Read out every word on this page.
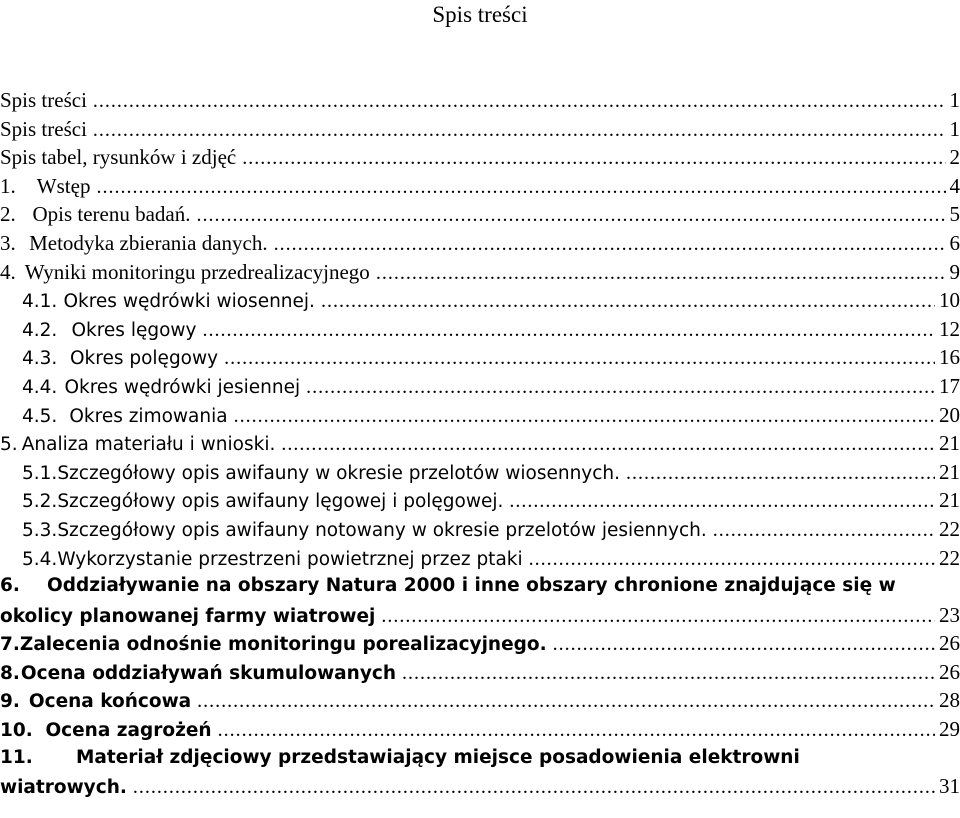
Spis treści
Spis treści .....	1
Spis treści .....	1
Spis tabel, rysunków i zdjęć .....	2
1.	Wstęp .....	4
2. Opis terenu badań. .....	5
3. Metodyka zbierania danych. .....	6
4. Wyniki monitoringu przedrealizacyjnego .....	9
4.1. Okres wędrówki wiosennej. .....	10
4.2. Okres lęgowy .....	12
4.3. Okres polęgowy .....	16
4.4. Okres wędrówki jesiennej .....	17
4.5. Okres zimowania .....	20
5. Analiza materiału i wnioski. .....	21
5.1. Szczegółowy opis awifauny w okresie przelotów wiosennych. .....	21
5.2. Szczegółowy opis awifauny lęgowej i polęgowej. .....	21
5.3. Szczegółowy opis awifauny notowany w okresie przelotów jesiennych. .....	22
5.4. Wykorzystanie przestrzeni powietrznej przez ptaki .....	22
6. Oddziaływanie na obszary Natura 2000 i inne obszary chronione znajdujące się w
okolicy planowanej farmy wiatrowej .....	23
7. Zalecenia odnośnie monitoringu porealizacyjnego. .....	26
8. Ocena oddziaływań skumulowanych .....	26
9. Ocena końcowa .....	28
10. Ocena zagrożeń .....	29
11. Materiał zdjęciowy przedstawiający miejsce posadowienia elektrowni
wiatrowych. .....	31
